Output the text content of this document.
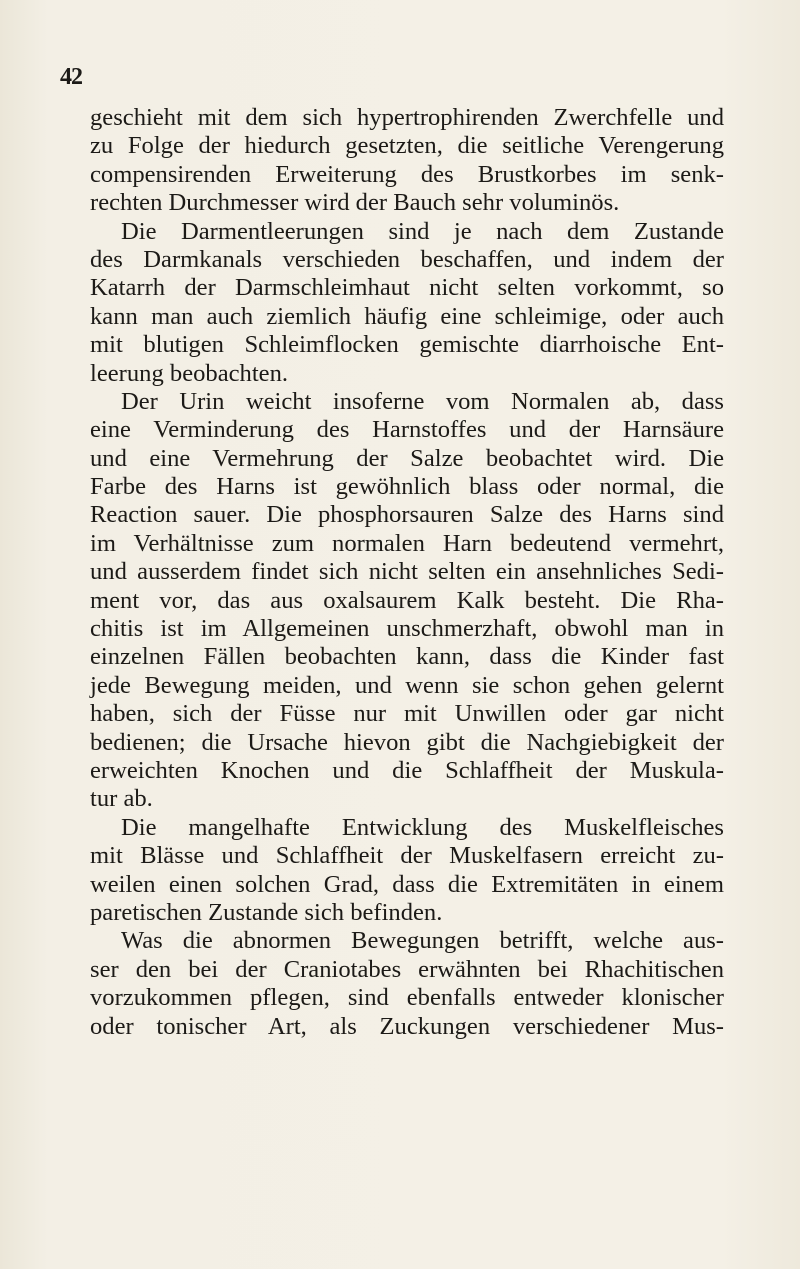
42
geschieht mit dem sich hypertrophirenden Zwerchfelle und
zu Folge der hiedurch gesetzten, die seitliche Verengerung
compensirenden Erweiterung des Brustkorbes im senk-
rechten Durchmesser wird der Bauch sehr voluminös.
Die Darmentleerungen sind je nach dem Zustande
des Darmkanals verschieden beschaffen, und indem der
Katarrh der Darmschleimhaut nicht selten vorkommt, so
kann man auch ziemlich häufig eine schleimige, oder auch
mit blutigen Schleimflocken gemischte diarrhoische Ent-
leerung beobachten.
Der Urin weicht insoferne vom Normalen ab, dass
eine Verminderung des Harnstoffes und der Harnsäure
und eine Vermehrung der Salze beobachtet wird. Die
Farbe des Harns ist gewöhnlich blass oder normal, die
Reaction sauer. Die phosphorsauren Salze des Harns sind
im Verhältnisse zum normalen Harn bedeutend vermehrt,
und ausserdem findet sich nicht selten ein ansehnliches Sedi-
ment vor, das aus oxalsaurem Kalk besteht. Die Rha-
chitis ist im Allgemeinen unschmerzhaft, obwohl man in
einzelnen Fällen beobachten kann, dass die Kinder fast
jede Bewegung meiden, und wenn sie schon gehen gelernt
haben, sich der Füsse nur mit Unwillen oder gar nicht
bedienen; die Ursache hievon gibt die Nachgiebigkeit der
erweichten Knochen und die Schlaffheit der Muskula-
tur ab.
Die mangelhafte Entwicklung des Muskelfleisches
mit Blässe und Schlaffheit der Muskelfasern erreicht zu-
weilen einen solchen Grad, dass die Extremitäten in einem
paretischen Zustande sich befinden.
Was die abnormen Bewegungen betrifft, welche aus-
ser den bei der Craniotabes erwähnten bei Rhachitischen
vorzukommen pflegen, sind ebenfalls entweder klonischer
oder tonischer Art, als Zuckungen verschiedener Mus-
